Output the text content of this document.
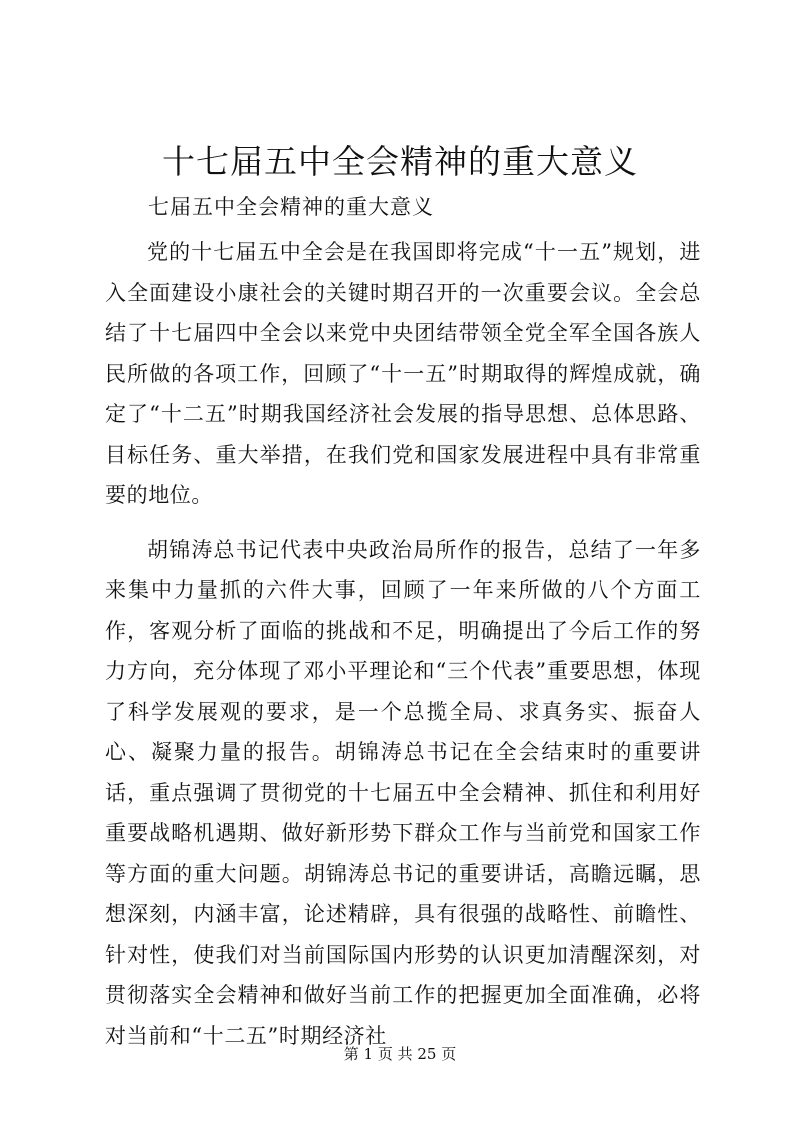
十七届五中全会精神的重大意义
七届五中全会精神的重大意义

党的十七届五中全会是在我国即将完成“十一五”规划，进入全面建设小康社会的关键时期召开的一次重要会议。全会总结了十七届四中全会以来党中央团结带领全党全军全国各族人民所做的各项工作，回顾了“十一五”时期取得的辉煌成就，确定了“十二五”时期我国经济社会发展的指导思想、总体思路、目标任务、重大举措，在我们党和国家发展进程中具有非常重要的地位。

胡锦涛总书记代表中央政治局所作的报告，总结了一年多来集中力量抓的六件大事，回顾了一年来所做的八个方面工作，客观分析了面临的挑战和不足，明确提出了今后工作的努力方向，充分体现了邓小平理论和“三个代表”重要思想，体现了科学发展观的要求，是一个总揽全局、求真务实、振奋人心、凝聚力量的报告。胡锦涛总书记在全会结束时的重要讲话，重点强调了贯彻党的十七届五中全会精神、抓住和利用好重要战略机遇期、做好新形势下群众工作与当前党和国家工作等方面的重大问题。胡锦涛总书记的重要讲话，高瞻远瞩，思想深刻，内涵丰富，论述精辟，具有很强的战略性、前瞻性、针对性，使我们对当前国际国内形势的认识更加清醒深刻，对贯彻落实全会精神和做好当前工作的把握更加全面准确，必将对当前和“十二五”时期经济社

第 1 页 共 25 页
